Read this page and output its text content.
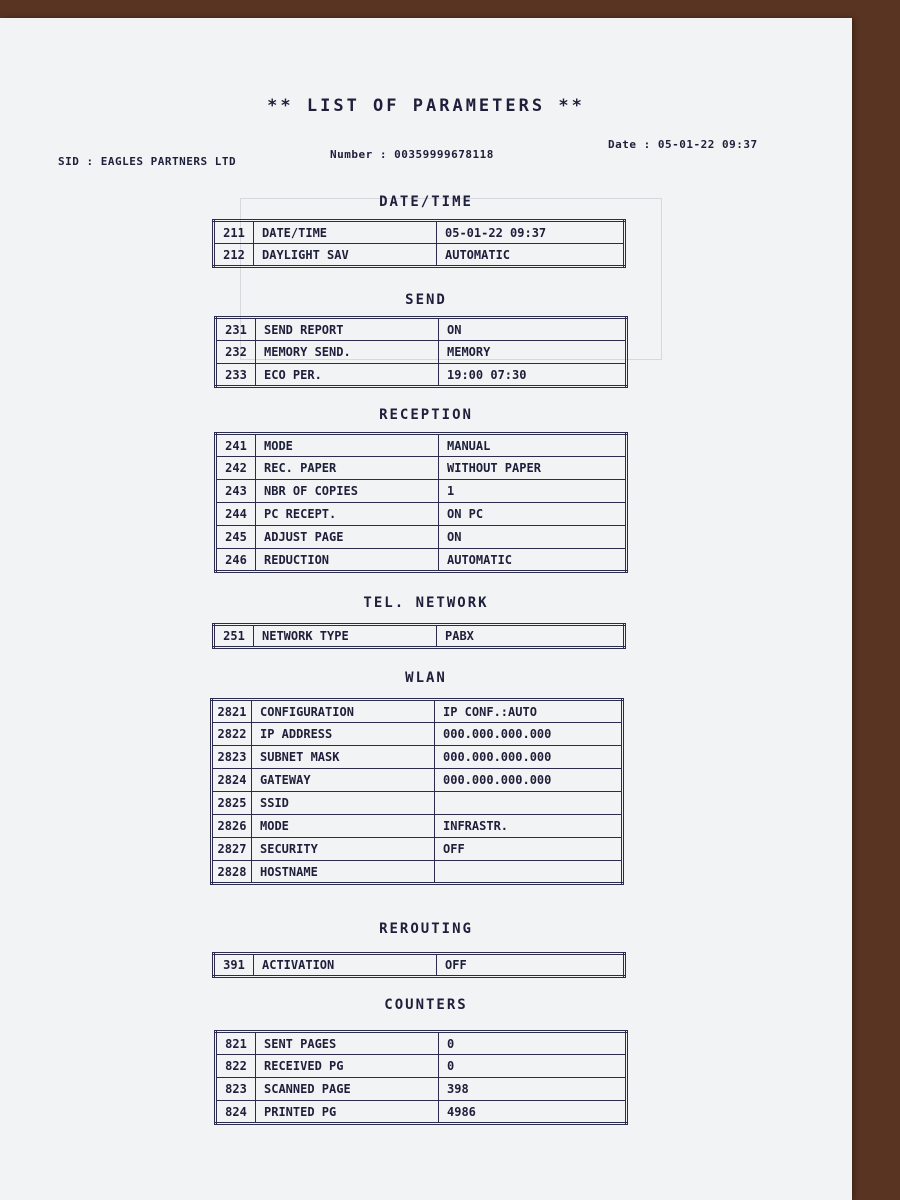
** LIST OF PARAMETERS **
SID : EAGLES PARTNERS LTD
Number : 00359999678118
Date : 05-01-22 09:37
DATE/TIME
211	DATE/TIME	05-01-22 09:37
212	DAYLIGHT SAV	AUTOMATIC
SEND
231	SEND REPORT	ON
232	MEMORY SEND.	MEMORY
233	ECO PER.	19:00 07:30
RECEPTION
241	MODE	MANUAL
242	REC. PAPER	WITHOUT PAPER
243	NBR OF COPIES	1
244	PC RECEPT.	ON PC
245	ADJUST PAGE	ON
246	REDUCTION	AUTOMATIC
TEL. NETWORK
251	NETWORK TYPE	PABX
WLAN
2821	CONFIGURATION	IP CONF.:AUTO
2822	IP ADDRESS	000.000.000.000
2823	SUBNET MASK	000.000.000.000
2824	GATEWAY	000.000.000.000
2825	SSID	
2826	MODE	INFRASTR.
2827	SECURITY	OFF
2828	HOSTNAME	
REROUTING
391	ACTIVATION	OFF
COUNTERS
821	SENT PAGES	0
822	RECEIVED PG	0
823	SCANNED PAGE	398
824	PRINTED PG	4986
